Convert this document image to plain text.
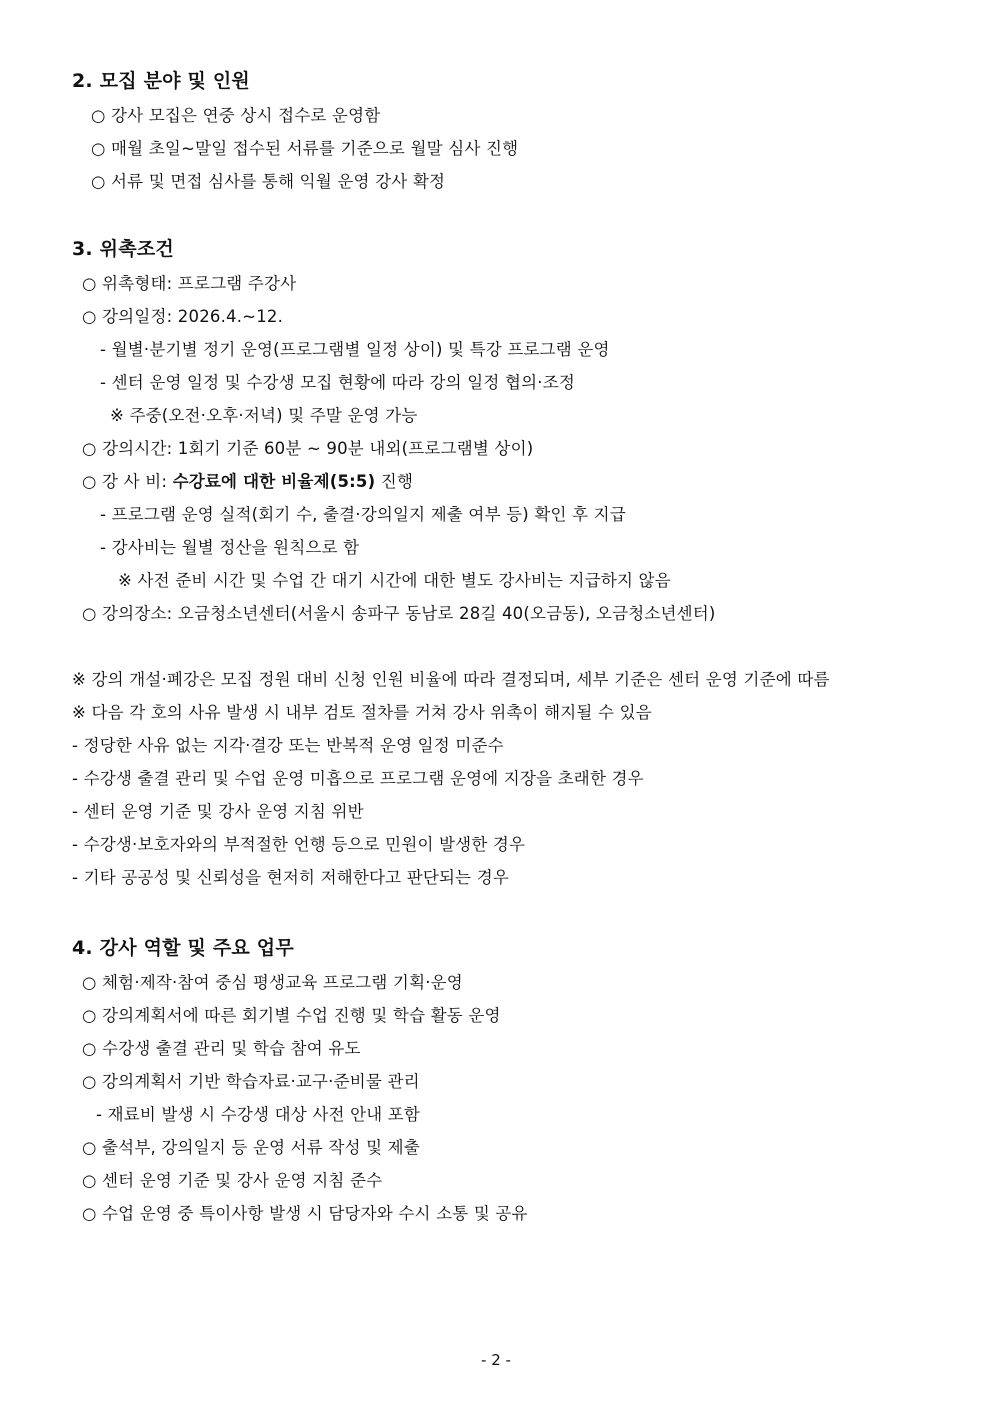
2. 모집 분야 및 인원
○ 강사 모집은 연중 상시 접수로 운영함
○ 매월 초일~말일 접수된 서류를 기준으로 월말 심사 진행
○ 서류 및 면접 심사를 통해 익월 운영 강사 확정
3. 위촉조건
○ 위촉형태: 프로그램 주강사
○ 강의일정: 2026.4.~12.
- 월별·분기별 정기 운영(프로그램별 일정 상이) 및 특강 프로그램 운영
- 센터 운영 일정 및 수강생 모집 현황에 따라 강의 일정 협의·조정
※ 주중(오전·오후·저녁) 및 주말 운영 가능
○ 강의시간: 1회기 기준 60분 ~ 90분 내외(프로그램별 상이)
○ 강 사 비: 수강료에 대한 비율제(5:5) 진행
- 프로그램 운영 실적(회기 수, 출결·강의일지 제출 여부 등) 확인 후 지급
- 강사비는 월별 정산을 원칙으로 함
※ 사전 준비 시간 및 수업 간 대기 시간에 대한 별도 강사비는 지급하지 않음
○ 강의장소: 오금청소년센터(서울시 송파구 동남로 28길 40(오금동), 오금청소년센터)
※ 강의 개설·폐강은 모집 정원 대비 신청 인원 비율에 따라 결정되며, 세부 기준은 센터 운영 기준에 따름
※ 다음 각 호의 사유 발생 시 내부 검토 절차를 거쳐 강사 위촉이 해지될 수 있음
- 정당한 사유 없는 지각·결강 또는 반복적 운영 일정 미준수
- 수강생 출결 관리 및 수업 운영 미흡으로 프로그램 운영에 지장을 초래한 경우
- 센터 운영 기준 및 강사 운영 지침 위반
- 수강생·보호자와의 부적절한 언행 등으로 민원이 발생한 경우
- 기타 공공성 및 신뢰성을 현저히 저해한다고 판단되는 경우
4. 강사 역할 및 주요 업무
○ 체험·제작·참여 중심 평생교육 프로그램 기획·운영
○ 강의계획서에 따른 회기별 수업 진행 및 학습 활동 운영
○ 수강생 출결 관리 및 학습 참여 유도
○ 강의계획서 기반 학습자료·교구·준비물 관리
- 재료비 발생 시 수강생 대상 사전 안내 포함
○ 출석부, 강의일지 등 운영 서류 작성 및 제출
○ 센터 운영 기준 및 강사 운영 지침 준수
○ 수업 운영 중 특이사항 발생 시 담당자와 수시 소통 및 공유
- 2 -
